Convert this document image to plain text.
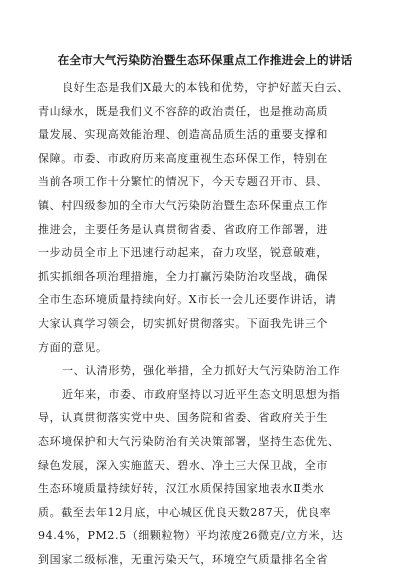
在全市大气污染防治暨生态环保重点工作推进会上的讲话
良好生态是我们X最大的本钱和优势，守护好蓝天白云、
青山绿水，既是我们义不容辞的政治责任，也是推动高质
量发展、实现高效能治理、创造高品质生活的重要支撑和
保障。市委、市政府历来高度重视生态环保工作，特别在
当前各项工作十分繁忙的情况下，今天专题召开市、县、
镇、村四级参加的全市大气污染防治暨生态环保重点工作
推进会，主要任务是认真贯彻省委、省政府工作部署，进
一步动员全市上下迅速行动起来，奋力攻坚，锐意破难，
抓实抓细各项治理措施，全力打赢污染防治攻坚战，确保
全市生态环境质量持续向好。X市长一会儿还要作讲话，请
大家认真学习领会，切实抓好贯彻落实。下面我先讲三个
方面的意见。
一、认清形势，强化举措，全力抓好大气污染防治工作
近年来，市委、市政府坚持以习近平生态文明思想为指
导，认真贯彻落实党中央、国务院和省委、省政府关于生
态环境保护和大气污染防治有关决策部署，坚持生态优先、
绿色发展，深入实施蓝天、碧水、净土三大保卫战，全市
生态环境质量持续好转，汉江水质保持国家地表水Ⅱ类水
质。截至去年12月底，中心城区优良天数287天，优良率
94.4%，PM2.5（细颗粒物）平均浓度26微克/立方米，达
到国家二级标准，无重污染天气，环境空气质量排名全省
